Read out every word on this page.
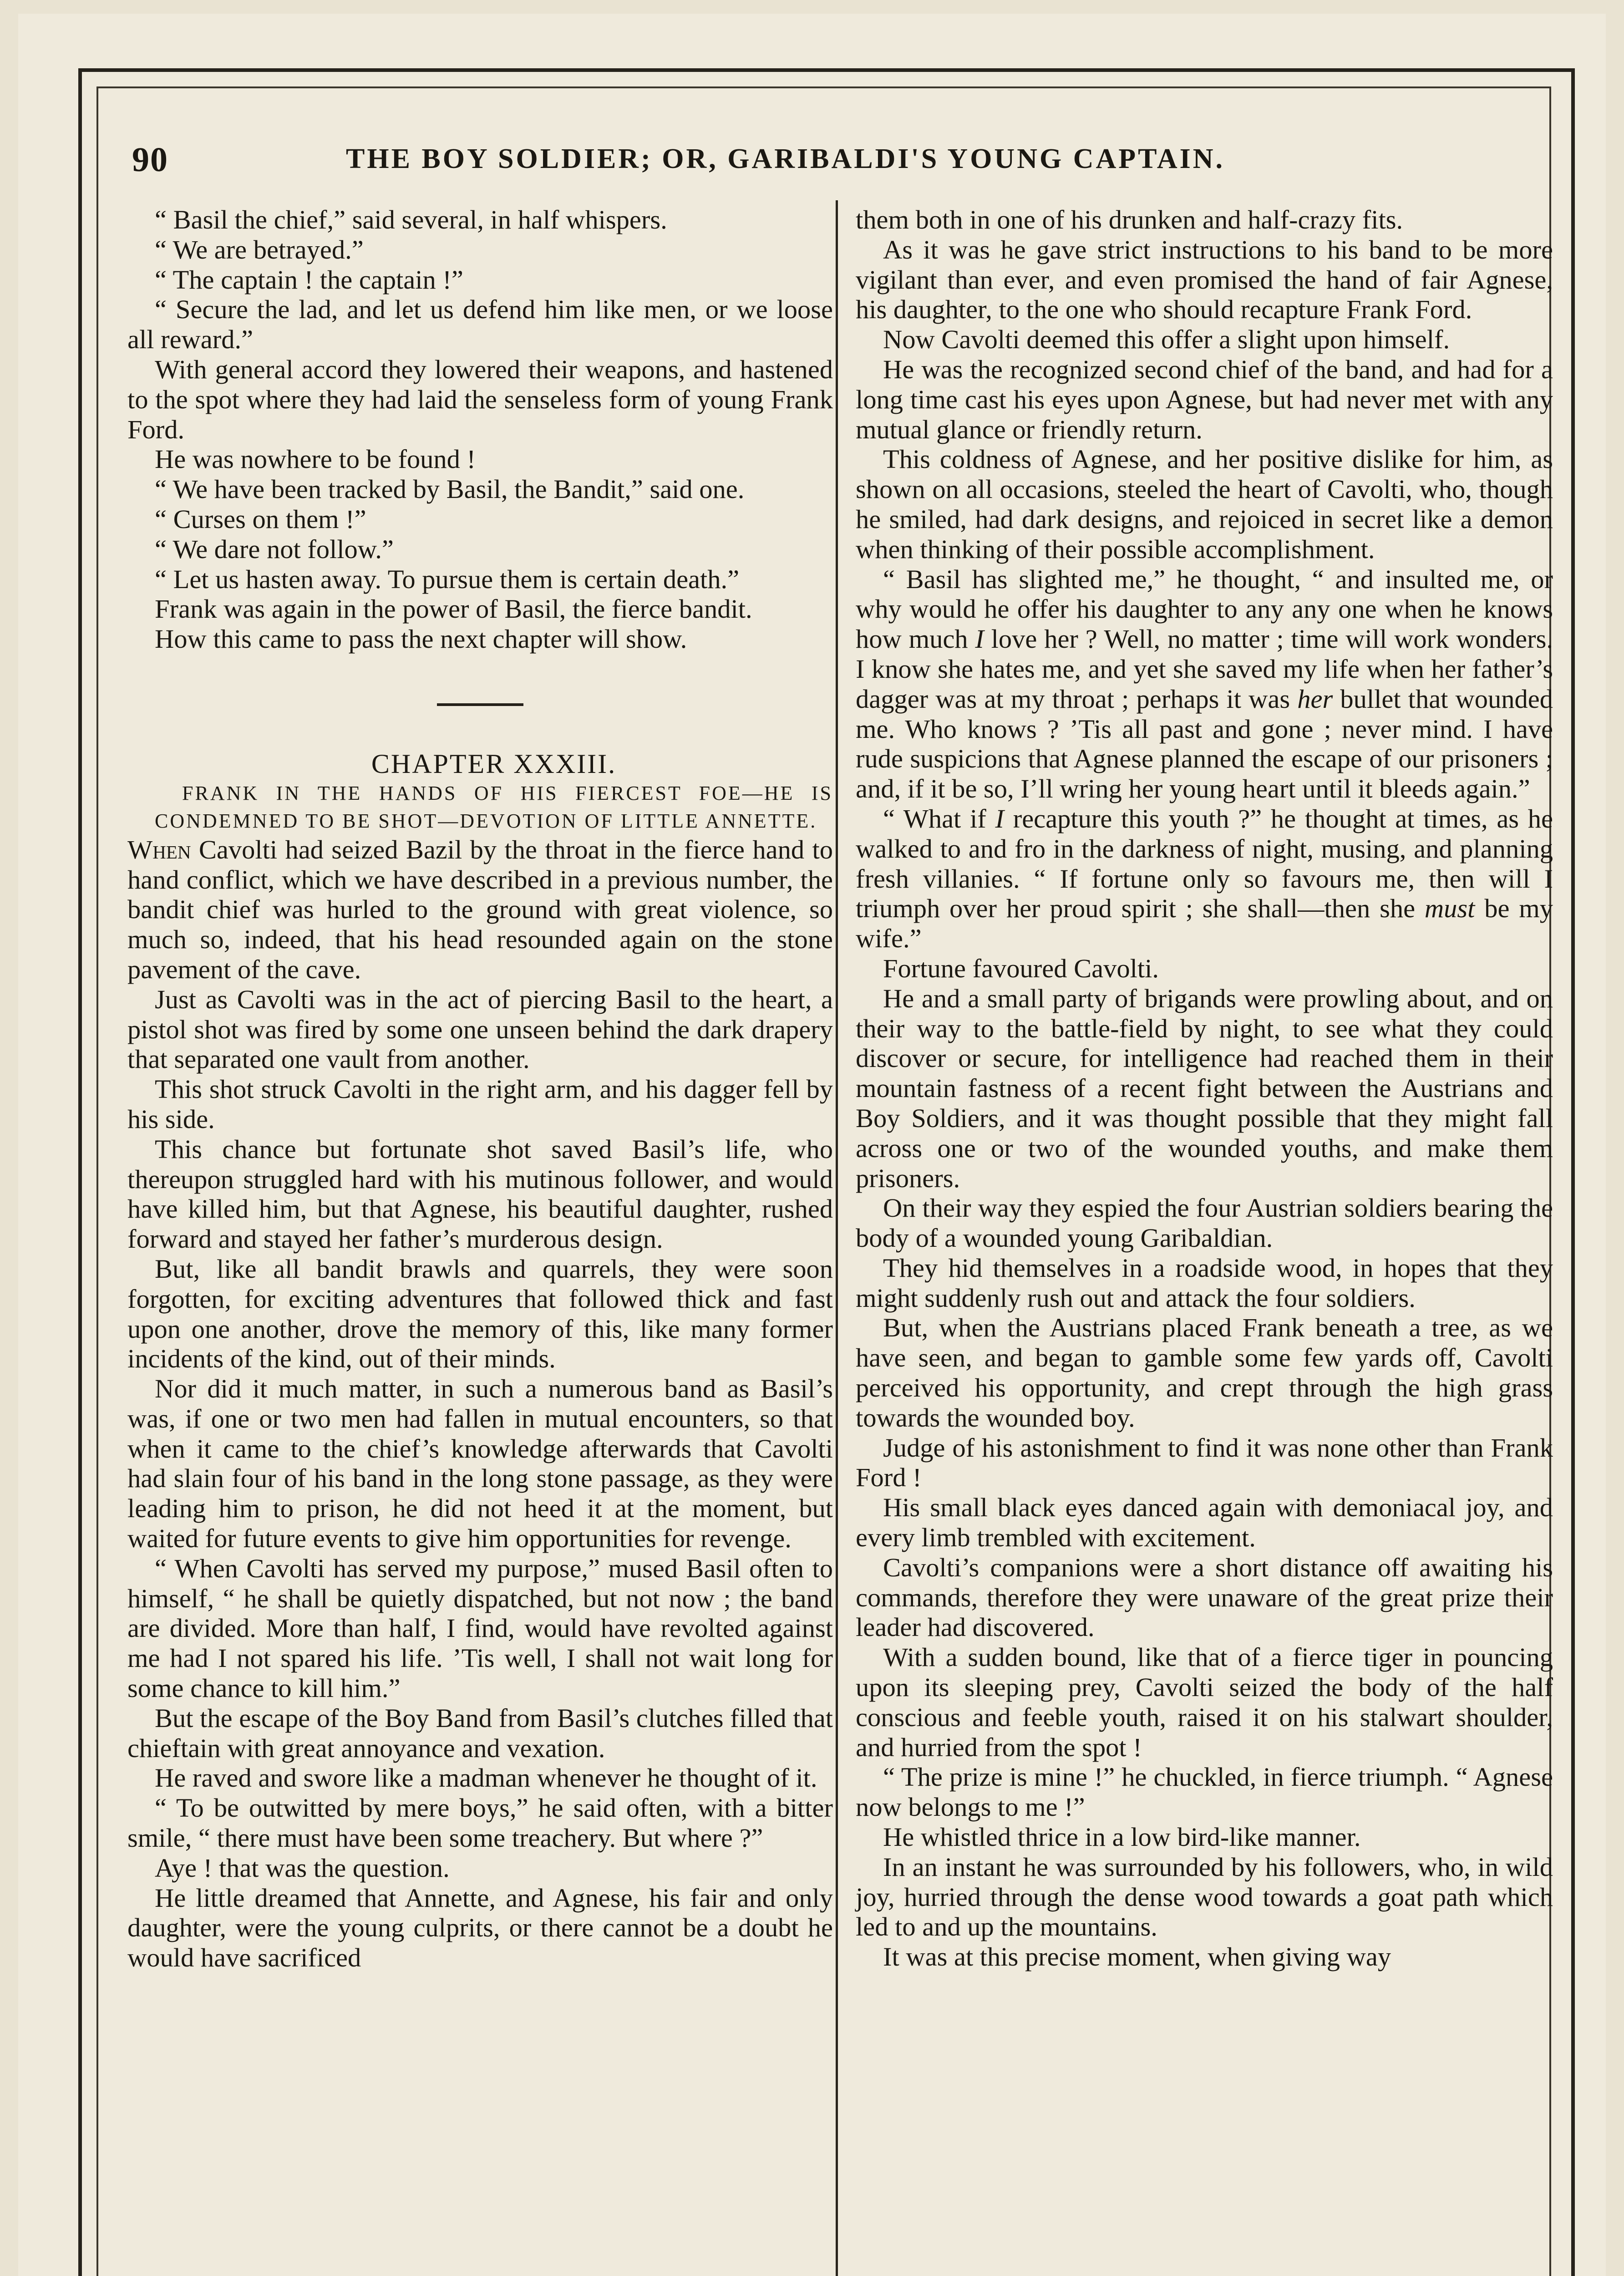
90	THE BOY SOLDIER; OR, GARIBALDI'S YOUNG CAPTAIN.

“ Basil the chief,” said several, in half whispers.

“ We are betrayed.”

“ The captain ! the captain !”

“ Secure the lad, and let us defend him like men, or we loose all reward.”

With general accord they lowered their weapons, and hastened to the spot where they had laid the senseless form of young Frank Ford.

He was nowhere to be found !

“ We have been tracked by Basil, the Bandit,” said one.

“ Curses on them !”

“ We dare not follow.”

“ Let us hasten away. To pursue them is certain death.”

Frank was again in the power of Basil, the fierce bandit.

How this came to pass the next chapter will show.

CHAPTER XXXIII.

FRANK IN THE HANDS OF HIS FIERCEST FOE—HE IS CONDEMNED TO BE SHOT—DEVOTION OF LITTLE ANNETTE.

When Cavolti had seized Bazil by the throat in the fierce hand to hand conflict, which we have described in a previous number, the bandit chief was hurled to the ground with great violence, so much so, indeed, that his head resounded again on the stone pavement of the cave.

Just as Cavolti was in the act of piercing Basil to the heart, a pistol shot was fired by some one unseen behind the dark drapery that separated one vault from another.

This shot struck Cavolti in the right arm, and his dagger fell by his side.

This chance but fortunate shot saved Basil’s life, who thereupon struggled hard with his mutinous follower, and would have killed him, but that Agnese, his beautiful daughter, rushed forward and stayed her father’s murderous design.

But, like all bandit brawls and quarrels, they were soon forgotten, for exciting adventures that followed thick and fast upon one another, drove the memory of this, like many former incidents of the kind, out of their minds.

Nor did it much matter, in such a numerous band as Basil’s was, if one or two men had fallen in mutual encounters, so that when it came to the chief’s knowledge afterwards that Cavolti had slain four of his band in the long stone passage, as they were leading him to prison, he did not heed it at the moment, but waited for future events to give him opportunities for revenge.

“ When Cavolti has served my purpose,” mused Basil often to himself, “ he shall be quietly dispatched, but not now ; the band are divided. More than half, I find, would have revolted against me had I not spared his life. ’Tis well, I shall not wait long for some chance to kill him.”

But the escape of the Boy Band from Basil’s clutches filled that chieftain with great annoyance and vexation.

He raved and swore like a madman whenever he thought of it.

“ To be outwitted by mere boys,” he said often, with a bitter smile, “ there must have been some treachery. But where ?”

Aye ! that was the question.

He little dreamed that Annette, and Agnese, his fair and only daughter, were the young culprits, or there cannot be a doubt he would have sacrificed

them both in one of his drunken and half-crazy fits.

As it was he gave strict instructions to his band to be more vigilant than ever, and even promised the hand of fair Agnese, his daughter, to the one who should recapture Frank Ford.

Now Cavolti deemed this offer a slight upon himself.

He was the recognized second chief of the band, and had for a long time cast his eyes upon Agnese, but had never met with any mutual glance or friendly return.

This coldness of Agnese, and her positive dislike for him, as shown on all occasions, steeled the heart of Cavolti, who, though he smiled, had dark designs, and rejoiced in secret like a demon when thinking of their possible accomplishment.

“ Basil has slighted me,” he thought, “ and insulted me, or why would he offer his daughter to any any one when he knows how much I love her ? Well, no matter ; time will work wonders. I know she hates me, and yet she saved my life when her father’s dagger was at my throat ; perhaps it was her bullet that wounded me. Who knows ? ’Tis all past and gone ; never mind. I have rude suspicions that Agnese planned the escape of our prisoners ; and, if it be so, I’ll wring her young heart until it bleeds again.”

“ What if I recapture this youth ?” he thought at times, as he walked to and fro in the darkness of night, musing, and planning fresh villanies. “ If fortune only so favours me, then will I triumph over her proud spirit ; she shall—then she must be my wife.”

Fortune favoured Cavolti.

He and a small party of brigands were prowling about, and on their way to the battle-field by night, to see what they could discover or secure, for intelligence had reached them in their mountain fastness of a recent fight between the Austrians and Boy Soldiers, and it was thought possible that they might fall across one or two of the wounded youths, and make them prisoners.

On their way they espied the four Austrian soldiers bearing the body of a wounded young Garibaldian.

They hid themselves in a roadside wood, in hopes that they might suddenly rush out and attack the four soldiers.

But, when the Austrians placed Frank beneath a tree, as we have seen, and began to gamble some few yards off, Cavolti perceived his opportunity, and crept through the high grass towards the wounded boy.

Judge of his astonishment to find it was none other than Frank Ford !

His small black eyes danced again with demoniacal joy, and every limb trembled with excitement.

Cavolti’s companions were a short distance off awaiting his commands, therefore they were unaware of the great prize their leader had discovered.

With a sudden bound, like that of a fierce tiger in pouncing upon its sleeping prey, Cavolti seized the body of the half conscious and feeble youth, raised it on his stalwart shoulder, and hurried from the spot !

“ The prize is mine !” he chuckled, in fierce triumph. “ Agnese now belongs to me !”

He whistled thrice in a low bird-like manner.

In an instant he was surrounded by his followers, who, in wild joy, hurried through the dense wood towards a goat path which led to and up the mountains.

It was at this precise moment, when giving way
